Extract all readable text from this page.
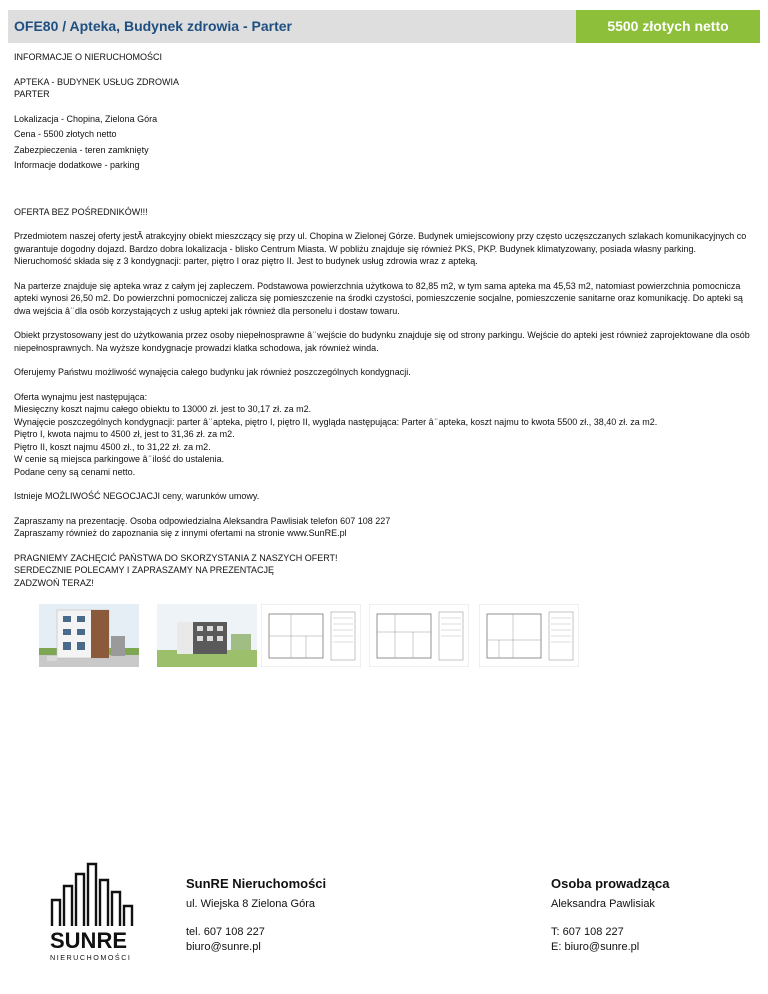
OFE80 / Apteka, Budynek zdrowia - Parter	5500 złotych netto

INFORMACJE O NIERUCHOMOŚCI

APTEKA - BUDYNEK USŁUG ZDROWIA

PARTER

Lokalizacja - Chopina, Zielona Góra

Cena - 5500 złotych netto

Zabezpieczenia - teren zamknięty

Informacje dodatkowe - parking

OFERTA BEZ POŚREDNIKÓW!!!

Przedmiotem naszej oferty jestÂ atrakcyjny obiekt mieszczący się przy ul. Chopina w Zielonej Górze. Budynek umiejscowiony przy często uczęszczanych szlakach komunikacyjnych co gwarantuje dogodny dojazd. Bardzo dobra lokalizacja - blisko Centrum Miasta. W pobliżu znajduje się również PKS, PKP. Budynek klimatyzowany, posiada własny parking. Nieruchomość składa się z 3 kondygnacji: parter, piętro I oraz piętro II. Jest to budynek usług zdrowia wraz z apteką.

Na parterze znajduje się apteka wraz z całym jej zapleczem. Podstawowa powierzchnia użytkowa to 82,85 m2, w tym sama apteka ma 45,53 m2, natomiast powierzchnia pomocnicza apteki wynosi 26,50 m2. Do powierzchni pomocniczej zalicza się pomieszczenie na środki czystości, pomieszczenie socjalne, pomieszczenie sanitarne oraz komunikację. Do apteki są dwa wejścia â ̈ dla osób korzystających z usług apteki jak również dla personelu i dostaw towaru.

Obiekt przystosowany jest do użytkowania przez osoby niepełnosprawne â ̈ wejście do budynku znajduje się od strony parkingu. Wejście do apteki jest również zaprojektowane dla osób niepełnosprawnych. Na wyższe kondygnacje prowadzi klatka schodowa, jak również winda.

Oferujemy Państwu możliwość wynajęcia całego budynku jak również poszczególnych kondygnacji.

Oferta wynajmu jest następująca:

Miesięczny koszt najmu całego obiektu to 13000 zł. jest to 30,17 zł. za m2.

Wynajęcie poszczególnych kondygnacji: parter â ̈ apteka, piętro I, piętro II, wygląda następująca: Parter â ̈ apteka, koszt najmu to kwota 5500 zł., 38,40 zł. za m2.

Piętro I, kwota najmu to 4500 zł, jest to 31,36 zł. za m2.

Piętro II, koszt najmu 4500 zł., to 31,22 zł. za m2.

W cenie są miejsca parkingowe â ̈ ilość do ustalenia.

Podane ceny są cenami netto.

Istnieje MOŻLIWOŚĆ NEGOCJACJI ceny, warunków umowy.

Zapraszamy na prezentację. Osoba odpowiedzialna Aleksandra Pawlisiak telefon 607 108 227

Zapraszamy również do zapoznania się z innymi ofertami na stronie www.SunRE.pl

PRAGNIEMY ZACHĘCIĆ PAŃSTWA DO SKORZYSTANIA Z NASZYCH OFERT!

SERDECZNIE POLECAMY I ZAPRASZAMY NA PREZENTACJĘ

ZADZWOŃ TERAZ!

SUNRE
NIERUCHOMOŚCI
SunRE Nieruchomości
ul. Wiejska 8 Zielona Góra
tel. 607 108 227
biuro@sunre.pl
Osoba prowadząca
Aleksandra Pawlisiak
T: 607 108 227
E: biuro@sunre.pl
